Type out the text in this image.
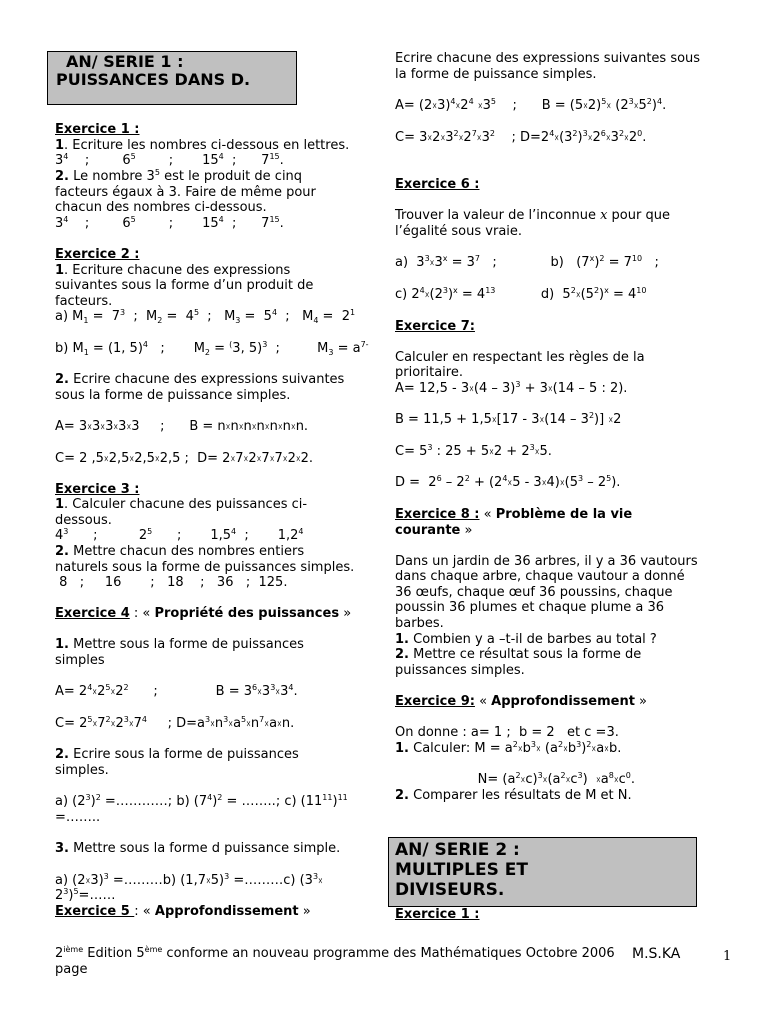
AN/ SERIE 1 :
PUISSANCES DANS D.
Exercice 1 :
1. Ecriture les nombres ci-dessous en lettres.
$3^4$    ;        $6^5$        ;       $15^4$  ;      $7^{15}$.
2. Le nombre $3^5$ est le produit de cinq
facteurs égaux à 3. Faire de même pour
chacun des nombres ci-dessous.
$3^4$    ;        $6^5$        ;       $15^4$  ;      $7^{15}$.
Exercice 2 :
1. Ecriture chacune des expressions
suivantes sous la forme d’un produit de
facteurs.
a) $M_1 = 7^3$  ;  $M_2 = 4^5$  ;   $M_3 = 5^4$  ;   $M_4 = 2^1$
b) $M_1 = (1$, 5)$^4$   ;       $M_2 = ^(3$, 5)$^3$  ;         $M_3 = a^{7-}$
2. Ecrire chacune des expressions suivantes
sous la forme de puissance simples.
A= 3☓3☓3☓3☓3     ;      B = n☓n☓n☓n☓n☓n☓n.
C= 2 ,5☓2,5☓2,5☓2,5 ;  D= 2☓7☓2☓7☓7☓2☓2.
Exercice 3 :
1. Calculer chacune des puissances ci-
dessous.
$4^3$      ;          $2^5$      ;       $1,5^4$  ;       $1,2^4$
2. Mettre chacun des nombres entiers
naturels sous la forme de puissances simples.
8   ;     16       ;   18    ;   36   ;  125.
Exercice 4 : « Propriété des puissances »
1. Mettre sous la forme de puissances
simples
$A= 2^4☓2^5☓2^2$      ;              $B = 3^6☓3^3☓3^4$.
$C= 2^5☓7^2☓2^3☓7^4$     ; $D=a^3☓n^3☓a^5☓n^7☓a☓n$.
2. Ecrire sous la forme de puissances
simples.
a) $(2^3)^2$ =…………; b) $(7^4)^2$ = ……..; c) $(11^{11})^{11}$
=……..
3. Mettre sous la forme d puissance simple.
a) (2☓3)$^3$ =………b) (1,7☓5)$^3$ =………c) ($3^3☓$
$2^3)^5=\dots\dots$
Exercice 5 : « Approfondissement »
Ecrire chacune des expressions suivantes sous
la forme de puissance simples.
$A= (2☓3)^4☓2^4$ $☓3^5$    ;      B = (5☓2)$^5$☓ $(2^3☓5^2)^4$.
$C= 3☓2☓3^2☓2^7☓3^2$    ; $D=2^4☓(3^2)^3☓2^6☓3^2☓2^0$.
Exercice 6 :
Trouver la valeur de l’inconnue x pour que
l’égalité sous vraie.
a)  $3^3☓3^x = 3^7$   ;             b)   $(7^x)^2 = 7^{10}$   ;
c) $2^4☓(2^3)^x = 4^{13}$           d)  $5^2☓(5^2)^x = 4^{10}$
Exercice 7:
Calculer en respectant les règles de la
prioritaire.
A= 12,5 - 3☓(4 – 3)$^3$ + 3☓(14 – 5 : 2).
B = 11,5 + 1,5☓[17 - 3☓(14 – $3^2$)] ☓2
$C= 5^3$ : 25 + 5☓2 + $2^3☓5$.
$D = 2^6 - 2^2$ + ($2^4☓5$ - $3☓4)☓(5^3 - 2^5)$.
Exercice 8 : « Problème de la vie
courante »
Dans un jardin de 36 arbres, il y a 36 vautours
dans chaque arbre, chaque vautour a donné
36 œufs, chaque œuf 36 poussins, chaque
poussin 36 plumes et chaque plume a 36
barbes.
1. Combien y a –t-il de barbes au total ?
2. Mettre ce résultat sous la forme de
puissances simples.
Exercice 9: « Approfondissement »
On donne : a= 1 ;  b = 2   et c =3.
1. Calculer: $M = a^2☓b^3☓$ $(a^2☓b^3)^2☓a☓b$.
$N= (a^2☓c)^3☓(a^2☓c^3)$  $☓a^8☓c^0$.
2. Comparer les résultats de M et N.
Exercice 1 :
AN/ SERIE 2 :
MULTIPLES ET
DIVISEURS.
2ième Edition 5ème conforme an nouveau programme des Mathématiques Octobre 2006
page
M.S.KA	1
